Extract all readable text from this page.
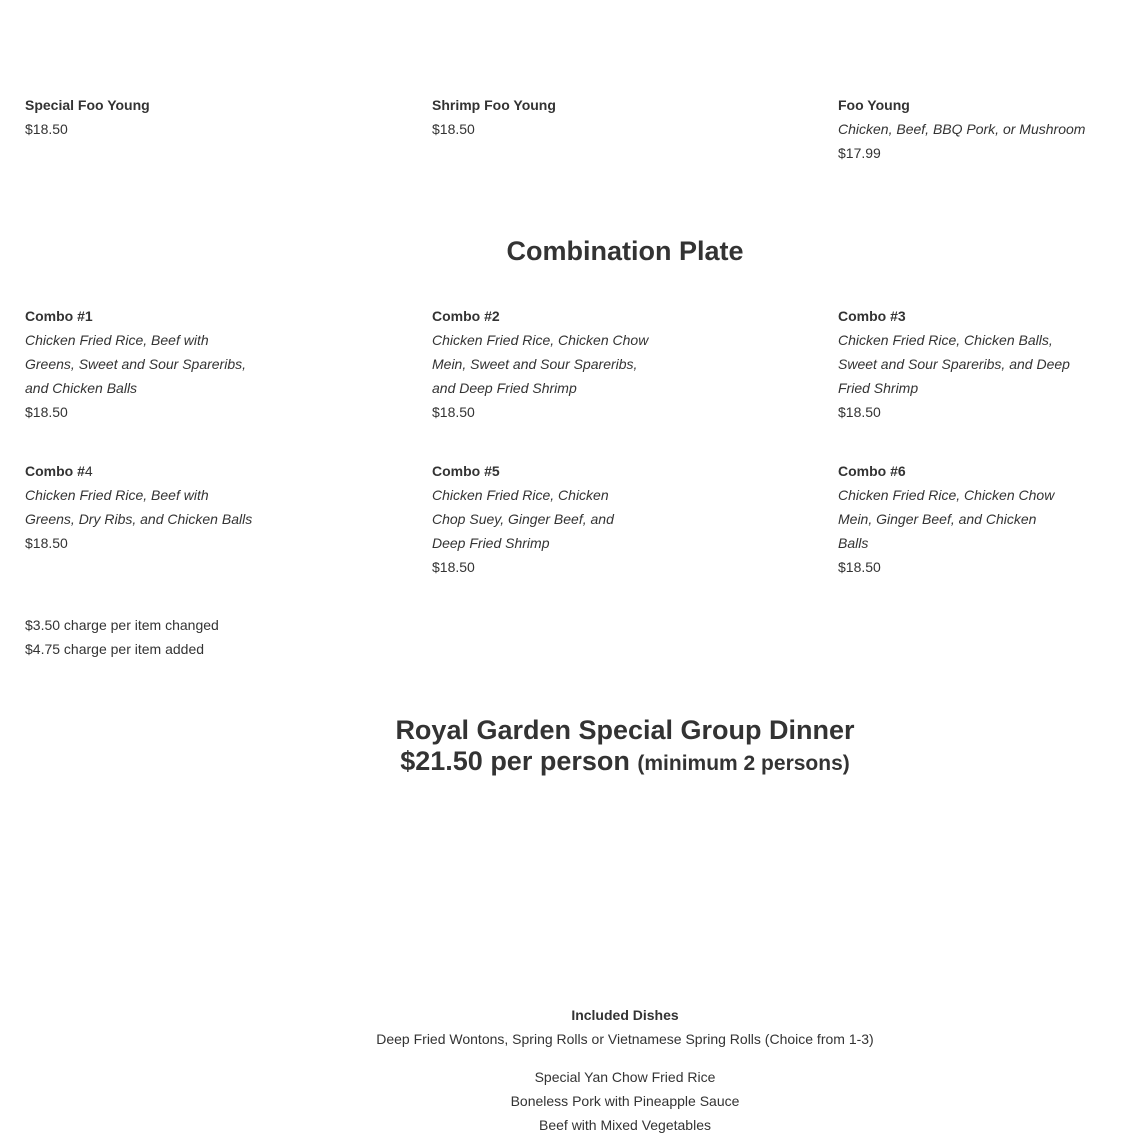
Special Foo Young
$18.50
Shrimp Foo Young
$18.50
Foo Young
Chicken, Beef, BBQ Pork, or Mushroom
$17.99
Combination Plate
Combo #1
Chicken Fried Rice, Beef with
Greens, Sweet and Sour Spareribs,
and Chicken Balls
$18.50
Combo #2
Chicken Fried Rice, Chicken Chow
Mein, Sweet and Sour Spareribs,
and Deep Fried Shrimp
$18.50
Combo #3
Chicken Fried Rice, Chicken Balls,
Sweet and Sour Spareribs, and Deep
Fried Shrimp
$18.50
Combo #4
Chicken Fried Rice, Beef with
Greens, Dry Ribs, and Chicken Balls
$18.50
Combo #5
Chicken Fried Rice, Chicken
Chop Suey, Ginger Beef, and
Deep Fried Shrimp
$18.50
Combo #6
Chicken Fried Rice, Chicken Chow
Mein, Ginger Beef, and Chicken
Balls
$18.50
$3.50 charge per item changed
$4.75 charge per item added
Royal Garden Special Group Dinner
$21.50 per person (minimum 2 persons)
Included Dishes
Deep Fried Wontons, Spring Rolls or Vietnamese Spring Rolls (Choice from 1-3)
Special Yan Chow Fried Rice
Boneless Pork with Pineapple Sauce
Beef with Mixed Vegetables
